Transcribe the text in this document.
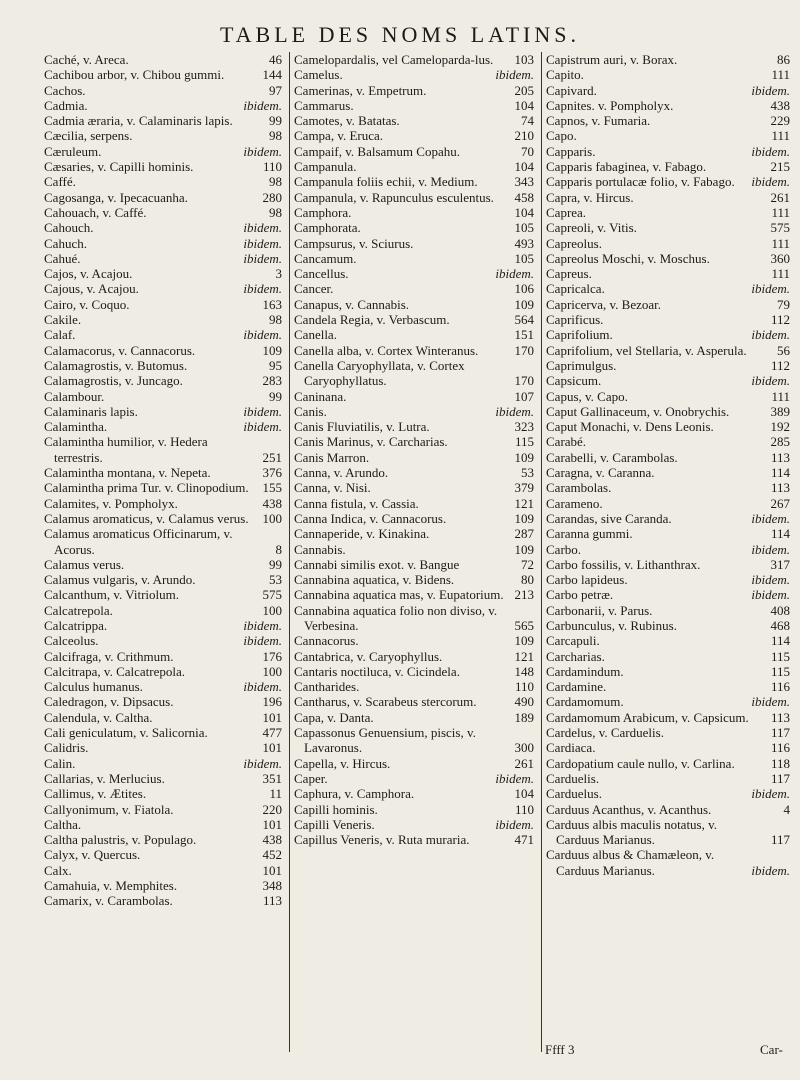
TABLE DES NOMS LATINS.
Caché, v. Areca.	46
Cachibou arbor, v. Chibou gummi.	144
Cachos.	97
Cadmia.	ibidem.
Cadmia æraria, v. Calaminaris lapis.	99
Cæcilia, serpens.	98
Cæruleum.	ibidem.
Cæsaries, v. Capilli hominis.	110
Caffé.	98
Cagosanga, v. Ipecacuanha.	280
Cahouach, v. Caffé.	98
Cahouch.	ibidem.
Cahuch.	ibidem.
Cahué.	ibidem.
Cajos, v. Acajou.	3
Cajous, v. Acajou.	ibidem.
Cairo, v. Coquo.	163
Cakile.	98
Calaf.	ibidem.
Calamacorus, v. Cannacorus.	109
Calamagrostis, v. Butomus.	95
Calamagrostis, v. Juncago.	283
Calambour.	99
Calaminaris lapis.	ibidem.
Calamintha.	ibidem.
Calamintha humilior, v. Hedera terrestris.	251
Calamintha montana, v. Nepeta.	376
Calamintha prima Tur. v. Clinopodium. 155
Calamites, v. Pompholyx.	438
Calamus aromaticus, v. Calamus verus. 100
Calamus aromaticus Officinarum, v. Acorus.	8
Calamus verus.	99
Calamus vulgaris, v. Arundo.	53
Calcanthum, v. Vitriolum.	575
Calcatrepola.	100
Calcatrippa.	ibidem.
Calceolus.	ibidem.
Calcifraga, v. Crithmum.	176
Calcitrapa, v. Calcatrepola.	100
Calculus humanus.	ibidem.
Caledragon, v. Dipsacus.	196
Calendula, v. Caltha.	101
Cali geniculatum, v. Salicornia.	477
Calidris.	101
Calin.	ibidem.
Callarias, v. Merlucius.	351
Callimus, v. Ætites.	11
Callyonimum, v. Fiatola.	220
Caltha.	101
Caltha palustris, v. Populago.	438
Calyx, v. Quercus.	452
Calx.	101
Camahuia, v. Memphites.	348
Camarix, v. Carambolas.	113
Camelopardalis, vel Cameloparda-lus. 103
Camelus.	ibidem.
Camerinas, v. Empetrum.	205
Cammarus.	104
Camotes, v. Batatas.	74
Campa, v. Eruca.	210
Campaif, v. Balsamum Copahu.	70
Campanula.	104
Campanula foliis echii, v. Medium.	343
Campanula, v. Rapunculus esculentus. 458
Camphora.	104
Camphorata.	105
Campsurus, v. Sciurus.	493
Cancamum.	105
Cancellus.	ibidem.
Cancer.	106
Canapus, v. Cannabis.	109
Candela Regia, v. Verbascum.	564
Canella.	151
Canella alba, v. Cortex Winteranus.	170
Canella Caryophyllata, v. Cortex Caryophyllatus.	170
Caninana.	107
Canis.	ibidem.
Canis Fluviatilis, v. Lutra.	323
Canis Marinus, v. Carcharias.	115
Canis Marron.	109
Canna, v. Arundo.	53
Canna, v. Nisi.	379
Canna fistula, v. Cassia.	121
Canna Indica, v. Cannacorus.	109
Cannaperide, v. Kinakina.	287
Cannabis.	109
Cannabi similis exot. v. Bangue	72
Cannabina aquatica, v. Bidens.	80
Cannabina aquatica mas, v. Eupatorium. 213
Cannabina aquatica folio non diviso, v. Verbesina.	565
Cannacorus.	109
Cantabrica, v. Caryophyllus.	121
Cantaris noctiluca, v. Cicindela.	148
Cantharides.	110
Cantharus, v. Scarabeus stercorum.	490
Capa, v. Danta.	189
Capassonus Genuensium, piscis, v. Lavaronus.	300
Capella, v. Hircus.	261
Caper.	ibidem.
Caphura, v. Camphora.	104
Capilli hominis.	110
Capilli Veneris.	ibidem.
Capillus Veneris, v. Ruta muraria.	471
Capistrum auri, v. Borax.	86
Capito.	111
Capivard.	ibidem.
Capnites. v. Pompholyx.	438
Capnos, v. Fumaria.	229
Capo.	111
Capparis.	ibidem.
Capparis fabaginea, v. Fabago.	215
Capparis portulacæ folio, v. Fabago. ibidem.
Capra, v. Hircus.	261
Caprea.	111
Capreoli, v. Vitis.	575
Capreolus.	111
Capreolus Moschi, v. Moschus.	360
Capreus.	111
Capricalca.	ibidem.
Capricerva, v. Bezoar.	79
Caprificus.	112
Caprifolium.	ibidem.
Caprifolium, vel Stellaria, v. Asperula. 56
Caprimulgus.	112
Capsicum.	ibidem.
Capus, v. Capo.	111
Caput Gallinaceum, v. Onobrychis.	389
Caput Monachi, v. Dens Leonis.	192
Carabé.	285
Carabelli, v. Carambolas.	113
Caragna, v. Caranna.	114
Carambolas.	113
Carameno.	267
Carandas, sive Caranda.	ibidem.
Caranna gummi.	114
Carbo.	ibidem.
Carbo fossilis, v. Lithanthrax.	317
Carbo lapideus.	ibidem.
Carbo petræ.	ibidem.
Carbonarii, v. Parus.	408
Carbunculus, v. Rubinus.	468
Carcapuli.	114
Carcharias.	115
Cardamindum.	115
Cardamine.	116
Cardamomum.	ibidem.
Cardamomum Arabicum, v. Capsicum. 113
Cardelus, v. Carduelis.	117
Cardiaca.	116
Cardopatium caule nullo, v. Carlina.	118
Carduelis.	117
Carduelus.	ibidem.
Carduus Acanthus, v. Acanthus.	4
Carduus albis maculis notatus, v. Carduus Marianus.	117
Carduus albus & Chamæleon, v. Carduus Marianus.	ibidem.
Ffff 3	Car-
